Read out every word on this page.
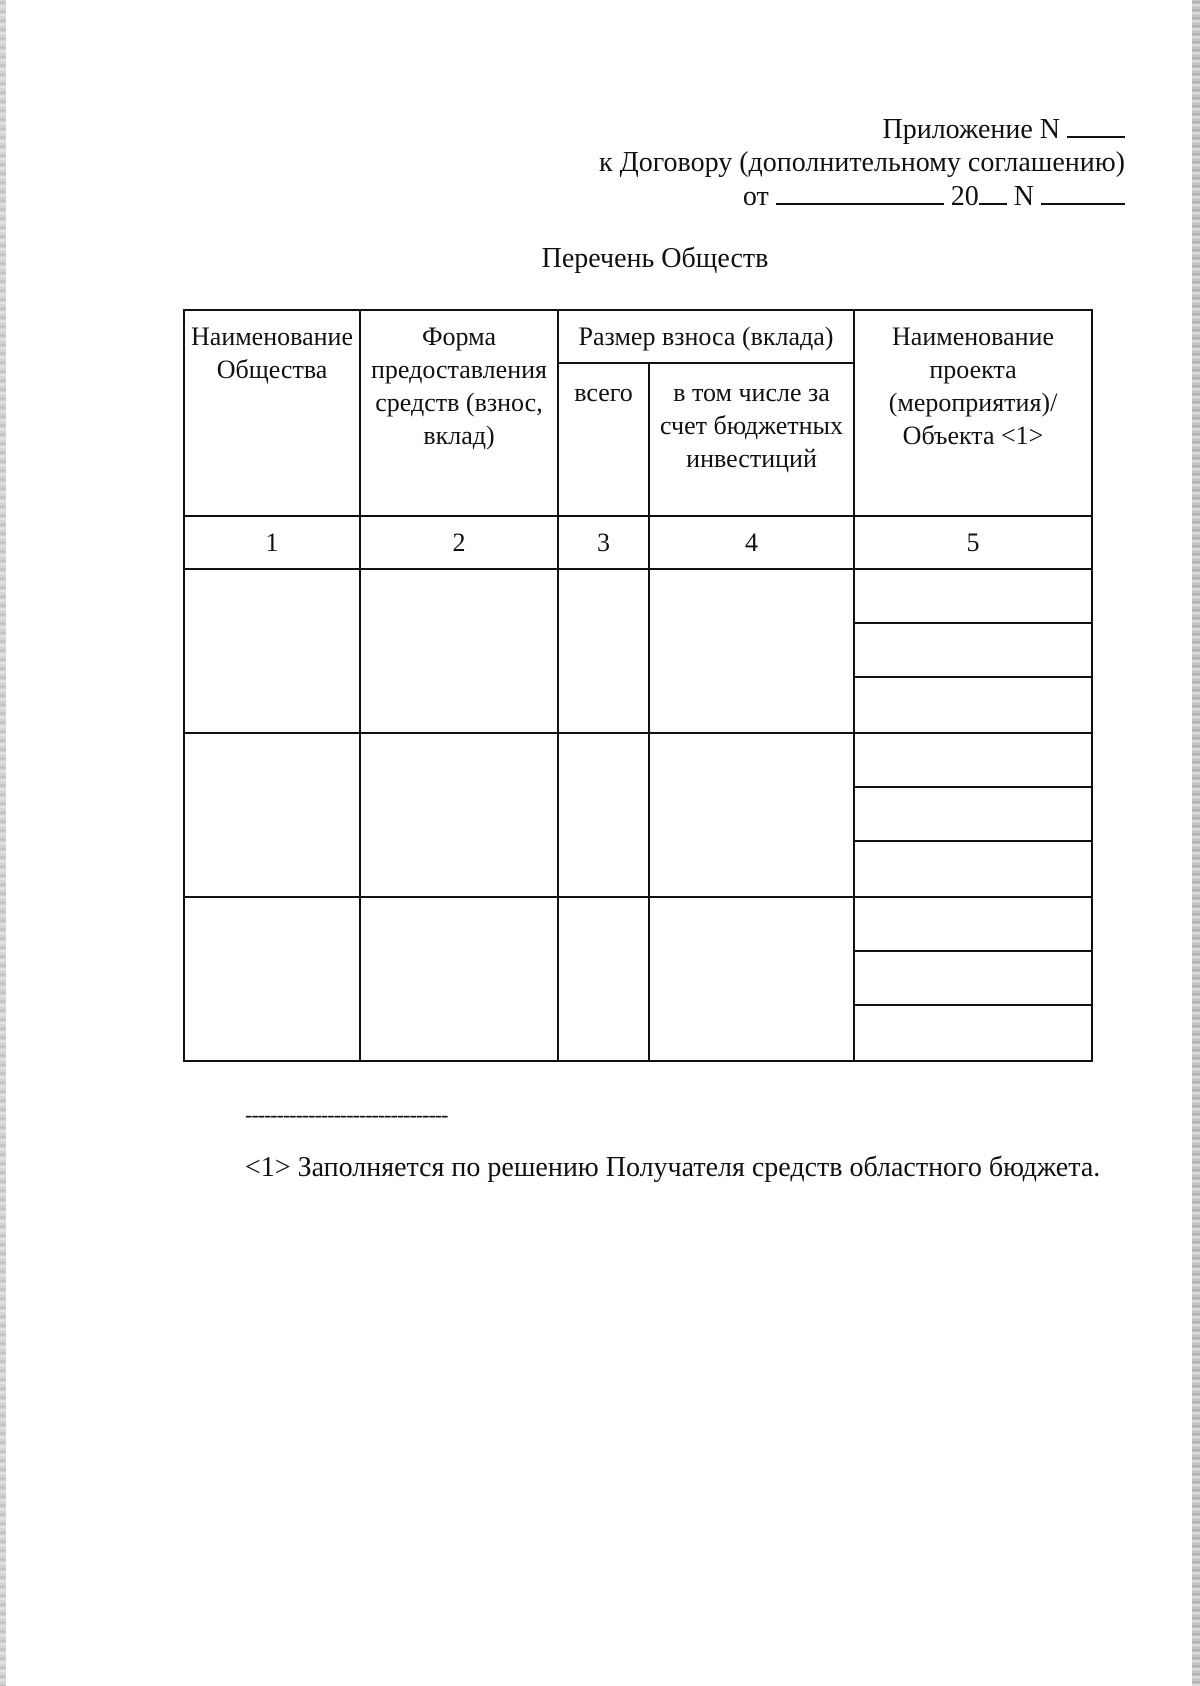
Приложение N
к Договору (дополнительному соглашению)
от	20 N
Перечень Обществ
Наименование Общества	Форма предоставления средств (взнос, вклад)	Размер взноса (вклада)		Наименование проекта (мероприятия)/Объекта <1>
		всего	в том числе за счет бюджетных инвестиций	
1	2	3	4	5

--------------------------------
<1> Заполняется по решению Получателя средств областного бюджета.
